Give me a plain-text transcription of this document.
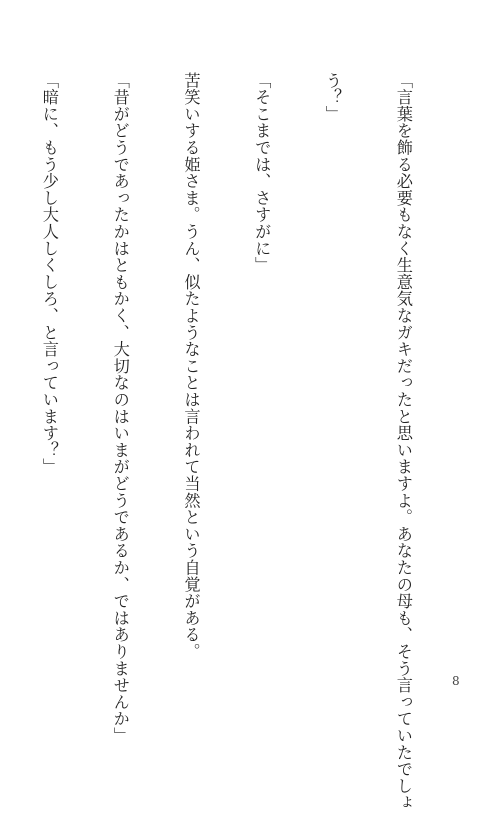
「言葉を飾る必要もなく生意気なガキだったと思いますよ。あなたの母も、そう言っていたでしょ

う？」

「そこまでは、さすがに」

苦笑いする姫さま。うん、似たようなことは言われて当然という自覚がある。

「昔がどうであったかはともかく、大切なのはいまがどうであるか、ではありませんか」

「暗に、もう少し大人しくしろ、と言っています？」

8
